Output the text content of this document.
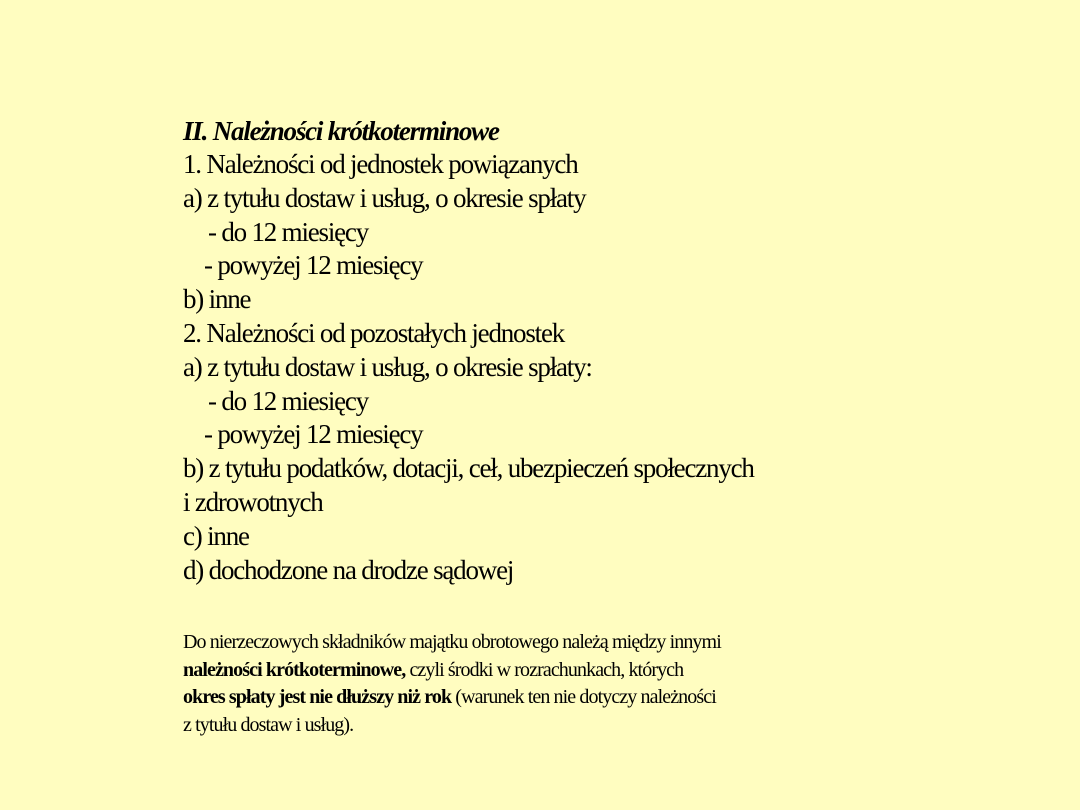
II. Należności krótkoterminowe
1. Należności od jednostek powiązanych
a) z tytułu dostaw i usług, o okresie spłaty
- do 12 miesięcy
- powyżej 12 miesięcy
b) inne
2. Należności od pozostałych jednostek
a) z tytułu dostaw i usług, o okresie spłaty:
- do 12 miesięcy
- powyżej 12 miesięcy
b) z tytułu podatków, dotacji, ceł, ubezpieczeń społecznych
i zdrowotnych
c) inne
d) dochodzone na drodze sądowej
Do nierzeczowych składników majątku obrotowego należą między innymi
należności krótkoterminowe, czyli środki w rozrachunkach, których
okres spłaty jest nie dłuższy niż rok (warunek ten nie dotyczy należności
z tytułu dostaw i usług).
